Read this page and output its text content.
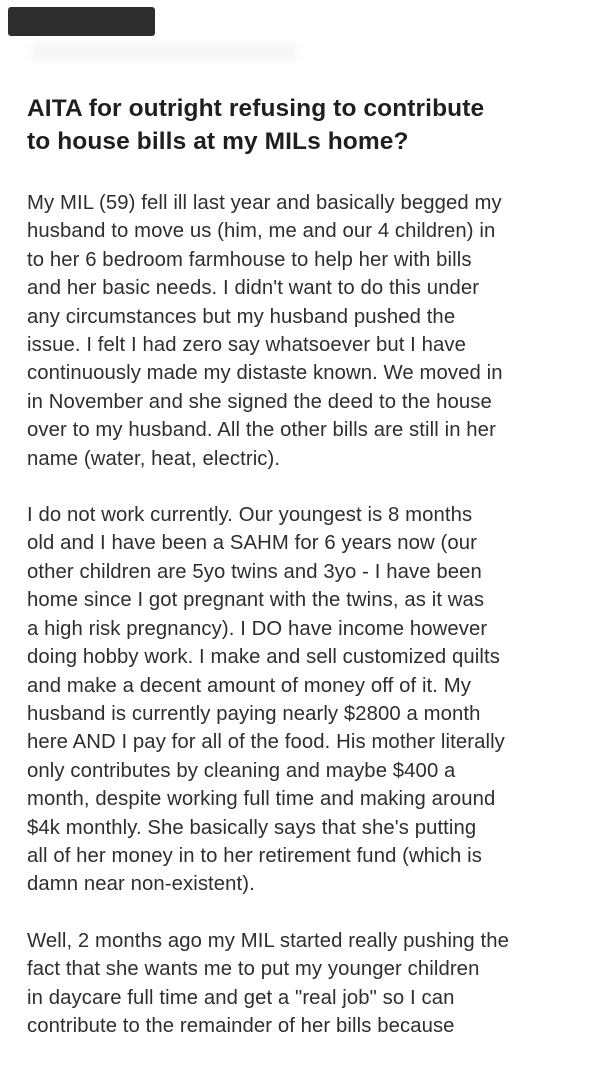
AITA for outright refusing to contribute
to house bills at my MILs home?

My MIL (59) fell ill last year and basically begged my
husband to move us (him, me and our 4 children) in
to her 6 bedroom farmhouse to help her with bills
and her basic needs. I didn't want to do this under
any circumstances but my husband pushed the
issue. I felt I had zero say whatsoever but I have
continuously made my distaste known. We moved in
in November and she signed the deed to the house
over to my husband. All the other bills are still in her
name (water, heat, electric).

I do not work currently. Our youngest is 8 months
old and I have been a SAHM for 6 years now (our
other children are 5yo twins and 3yo - I have been
home since I got pregnant with the twins, as it was
a high risk pregnancy). I DO have income however
doing hobby work. I make and sell customized quilts
and make a decent amount of money off of it. My
husband is currently paying nearly $2800 a month
here AND I pay for all of the food. His mother literally
only contributes by cleaning and maybe $400 a
month, despite working full time and making around
$4k monthly. She basically says that she's putting
all of her money in to her retirement fund (which is
damn near non-existent).

Well, 2 months ago my MIL started really pushing the
fact that she wants me to put my younger children
in daycare full time and get a "real job" so I can
contribute to the remainder of her bills because
